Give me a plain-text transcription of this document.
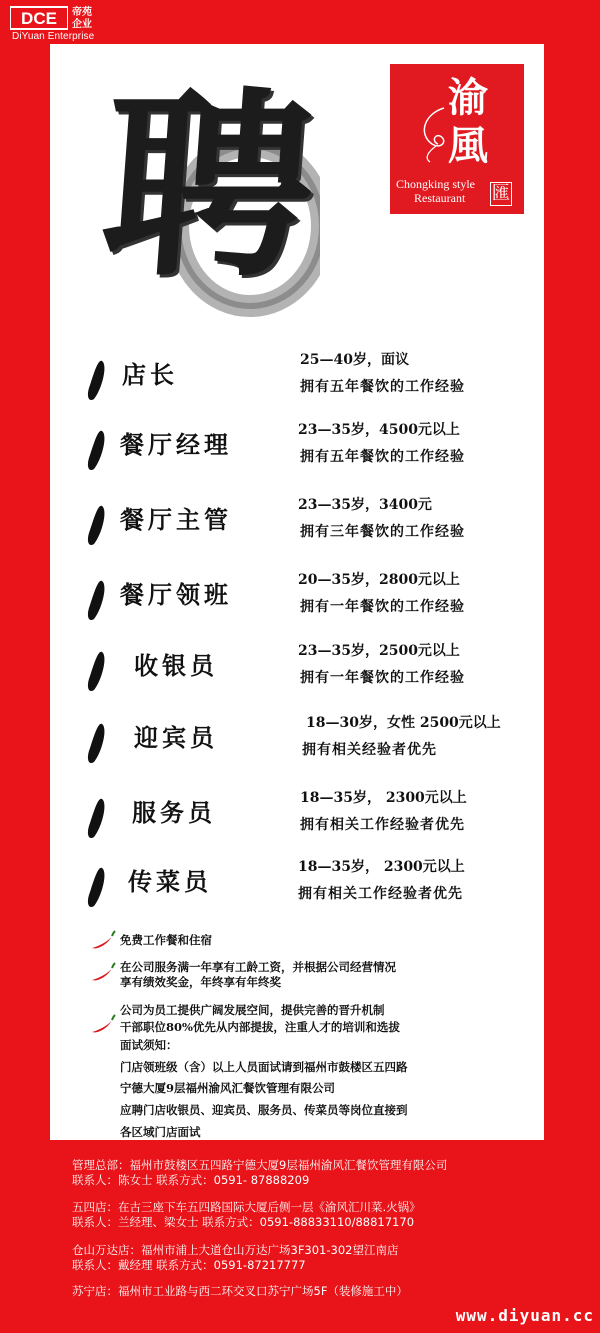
DCE 帝苑企业
DiYuan Enterprise
聘	渝
風
Chongking style
Restaurant 匯
店长	25—40岁，面议
拥有五年餐饮的工作经验
餐厅经理	23—35岁，4500元以上
拥有五年餐饮的工作经验
餐厅主管	23—35岁，3400元
拥有三年餐饮的工作经验
餐厅领班	20—35岁，2800元以上
拥有一年餐饮的工作经验
收银员	23—35岁，2500元以上
拥有一年餐饮的工作经验
迎宾员	18—30岁，女性 2500元以上
拥有相关经验者优先
服务员	18—35岁， 2300元以上
拥有相关工作经验者优先
传菜员	18—35岁， 2300元以上
拥有相关工作经验者优先
免费工作餐和住宿
在公司服务满一年享有工龄工资，并根据公司经营情况
享有绩效奖金，年终享有年终奖
公司为员工提供广阔发展空间，提供完善的晋升机制
干部职位80%优先从内部提拔，注重人才的培训和选拔
面试须知：
门店领班级（含）以上人员面试请到福州市鼓楼区五四路
宁德大厦9层福州渝风汇餐饮管理有限公司
应聘门店收银员、迎宾员、服务员、传菜员等岗位直接到
各区域门店面试
管理总部：福州市鼓楼区五四路宁德大厦9层福州渝风汇餐饮管理有限公司
联系人：陈女士 联系方式：0591- 87888209
五四店：在古三座下车五四路国际大厦后侧一层《渝风汇川菜.火锅》
联系人：兰经理、梁女士 联系方式：0591-88833110/88817170
仓山万达店：福州市浦上大道仓山万达广场3F301-302望江南店
联系人：戴经理 联系方式：0591-87217777
苏宁店：福州市工业路与西二环交叉口苏宁广场5F（装修施工中）
www.diyuan.cc
